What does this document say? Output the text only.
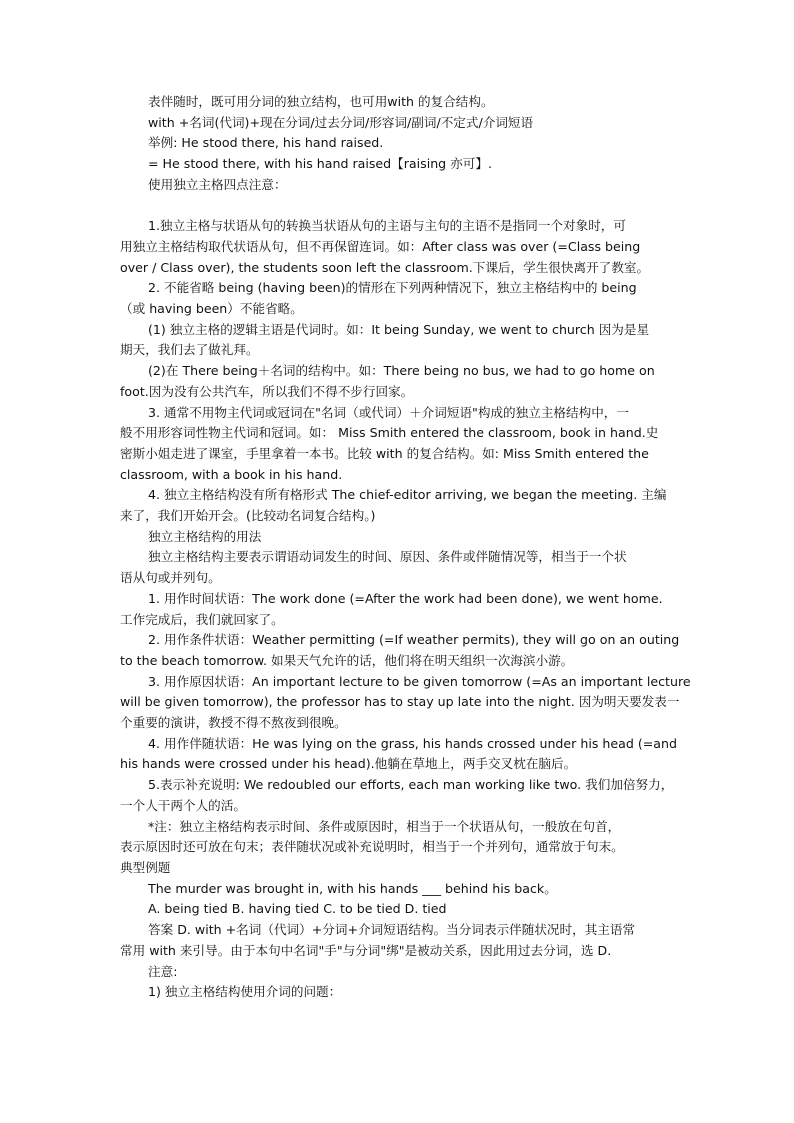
表伴随时，既可用分词的独立结构，也可用with 的复合结构。
with +名词(代词)+现在分词/过去分词/形容词/副词/不定式/介词短语
举例: He stood there, his hand raised.
= He stood there, with his hand raised【raising 亦可】.
使用独立主格四点注意：
1.独立主格与状语从句的转换当状语从句的主语与主句的主语不是指同一个对象时，可
用独立主格结构取代状语从句，但不再保留连词。如：After class was over (=Class being
over / Class over), the students soon left the classroom.下课后，学生很快离开了教室。
2. 不能省略 being (having been)的情形在下列两种情况下，独立主格结构中的 being
（或 having been）不能省略。
(1) 独立主格的逻辑主语是代词时。如：It being Sunday, we went to church 因为是星
期天，我们去了做礼拜。
(2)在 There being＋名词的结构中。如：There being no bus, we had to go home on
foot.因为没有公共汽车，所以我们不得不步行回家。
3. 通常不用物主代词或冠词在"名词（或代词）＋介词短语"构成的独立主格结构中，一
般不用形容词性物主代词和冠词。如： Miss Smith entered the classroom, book in hand.史
密斯小姐走进了课室，手里拿着一本书。比较 with 的复合结构。如: Miss Smith entered the
classroom, with a book in his hand.
4. 独立主格结构没有所有格形式 The chief-editor arriving, we began the meeting. 主编
来了，我们开始开会。(比较动名词复合结构。)
独立主格结构的用法
独立主格结构主要表示谓语动词发生的时间、原因、条件或伴随情况等，相当于一个状
语从句或并列句。
1. 用作时间状语：The work done (=After the work had been done), we went home.
工作完成后，我们就回家了。
2. 用作条件状语：Weather permitting (=If weather permits), they will go on an outing
to the beach tomorrow. 如果天气允许的话，他们将在明天组织一次海滨小游。
3. 用作原因状语：An important lecture to be given tomorrow (=As an important lecture
will be given tomorrow), the professor has to stay up late into the night. 因为明天要发表一
个重要的演讲，教授不得不熬夜到很晚。
4. 用作伴随状语：He was lying on the grass, his hands crossed under his head (=and
his hands were crossed under his head).他躺在草地上，两手交叉枕在脑后。
5.表示补充说明: We redoubled our efforts, each man working like two. 我们加倍努力，
一个人干两个人的活。
*注：独立主格结构表示时间、条件或原因时，相当于一个状语从句，一般放在句首，
表示原因时还可放在句末；表伴随状况或补充说明时，相当于一个并列句，通常放于句末。
典型例题
The murder was brought in, with his hands ___ behind his back。
A. being tied B. having tied C. to be tied D. tied
答案 D. with +名词（代词）+分词+介词短语结构。当分词表示伴随状况时，其主语常
常用 with 来引导。由于本句中名词"手"与分词"绑"是被动关系，因此用过去分词，选 D.
注意:
1) 独立主格结构使用介词的问题：
